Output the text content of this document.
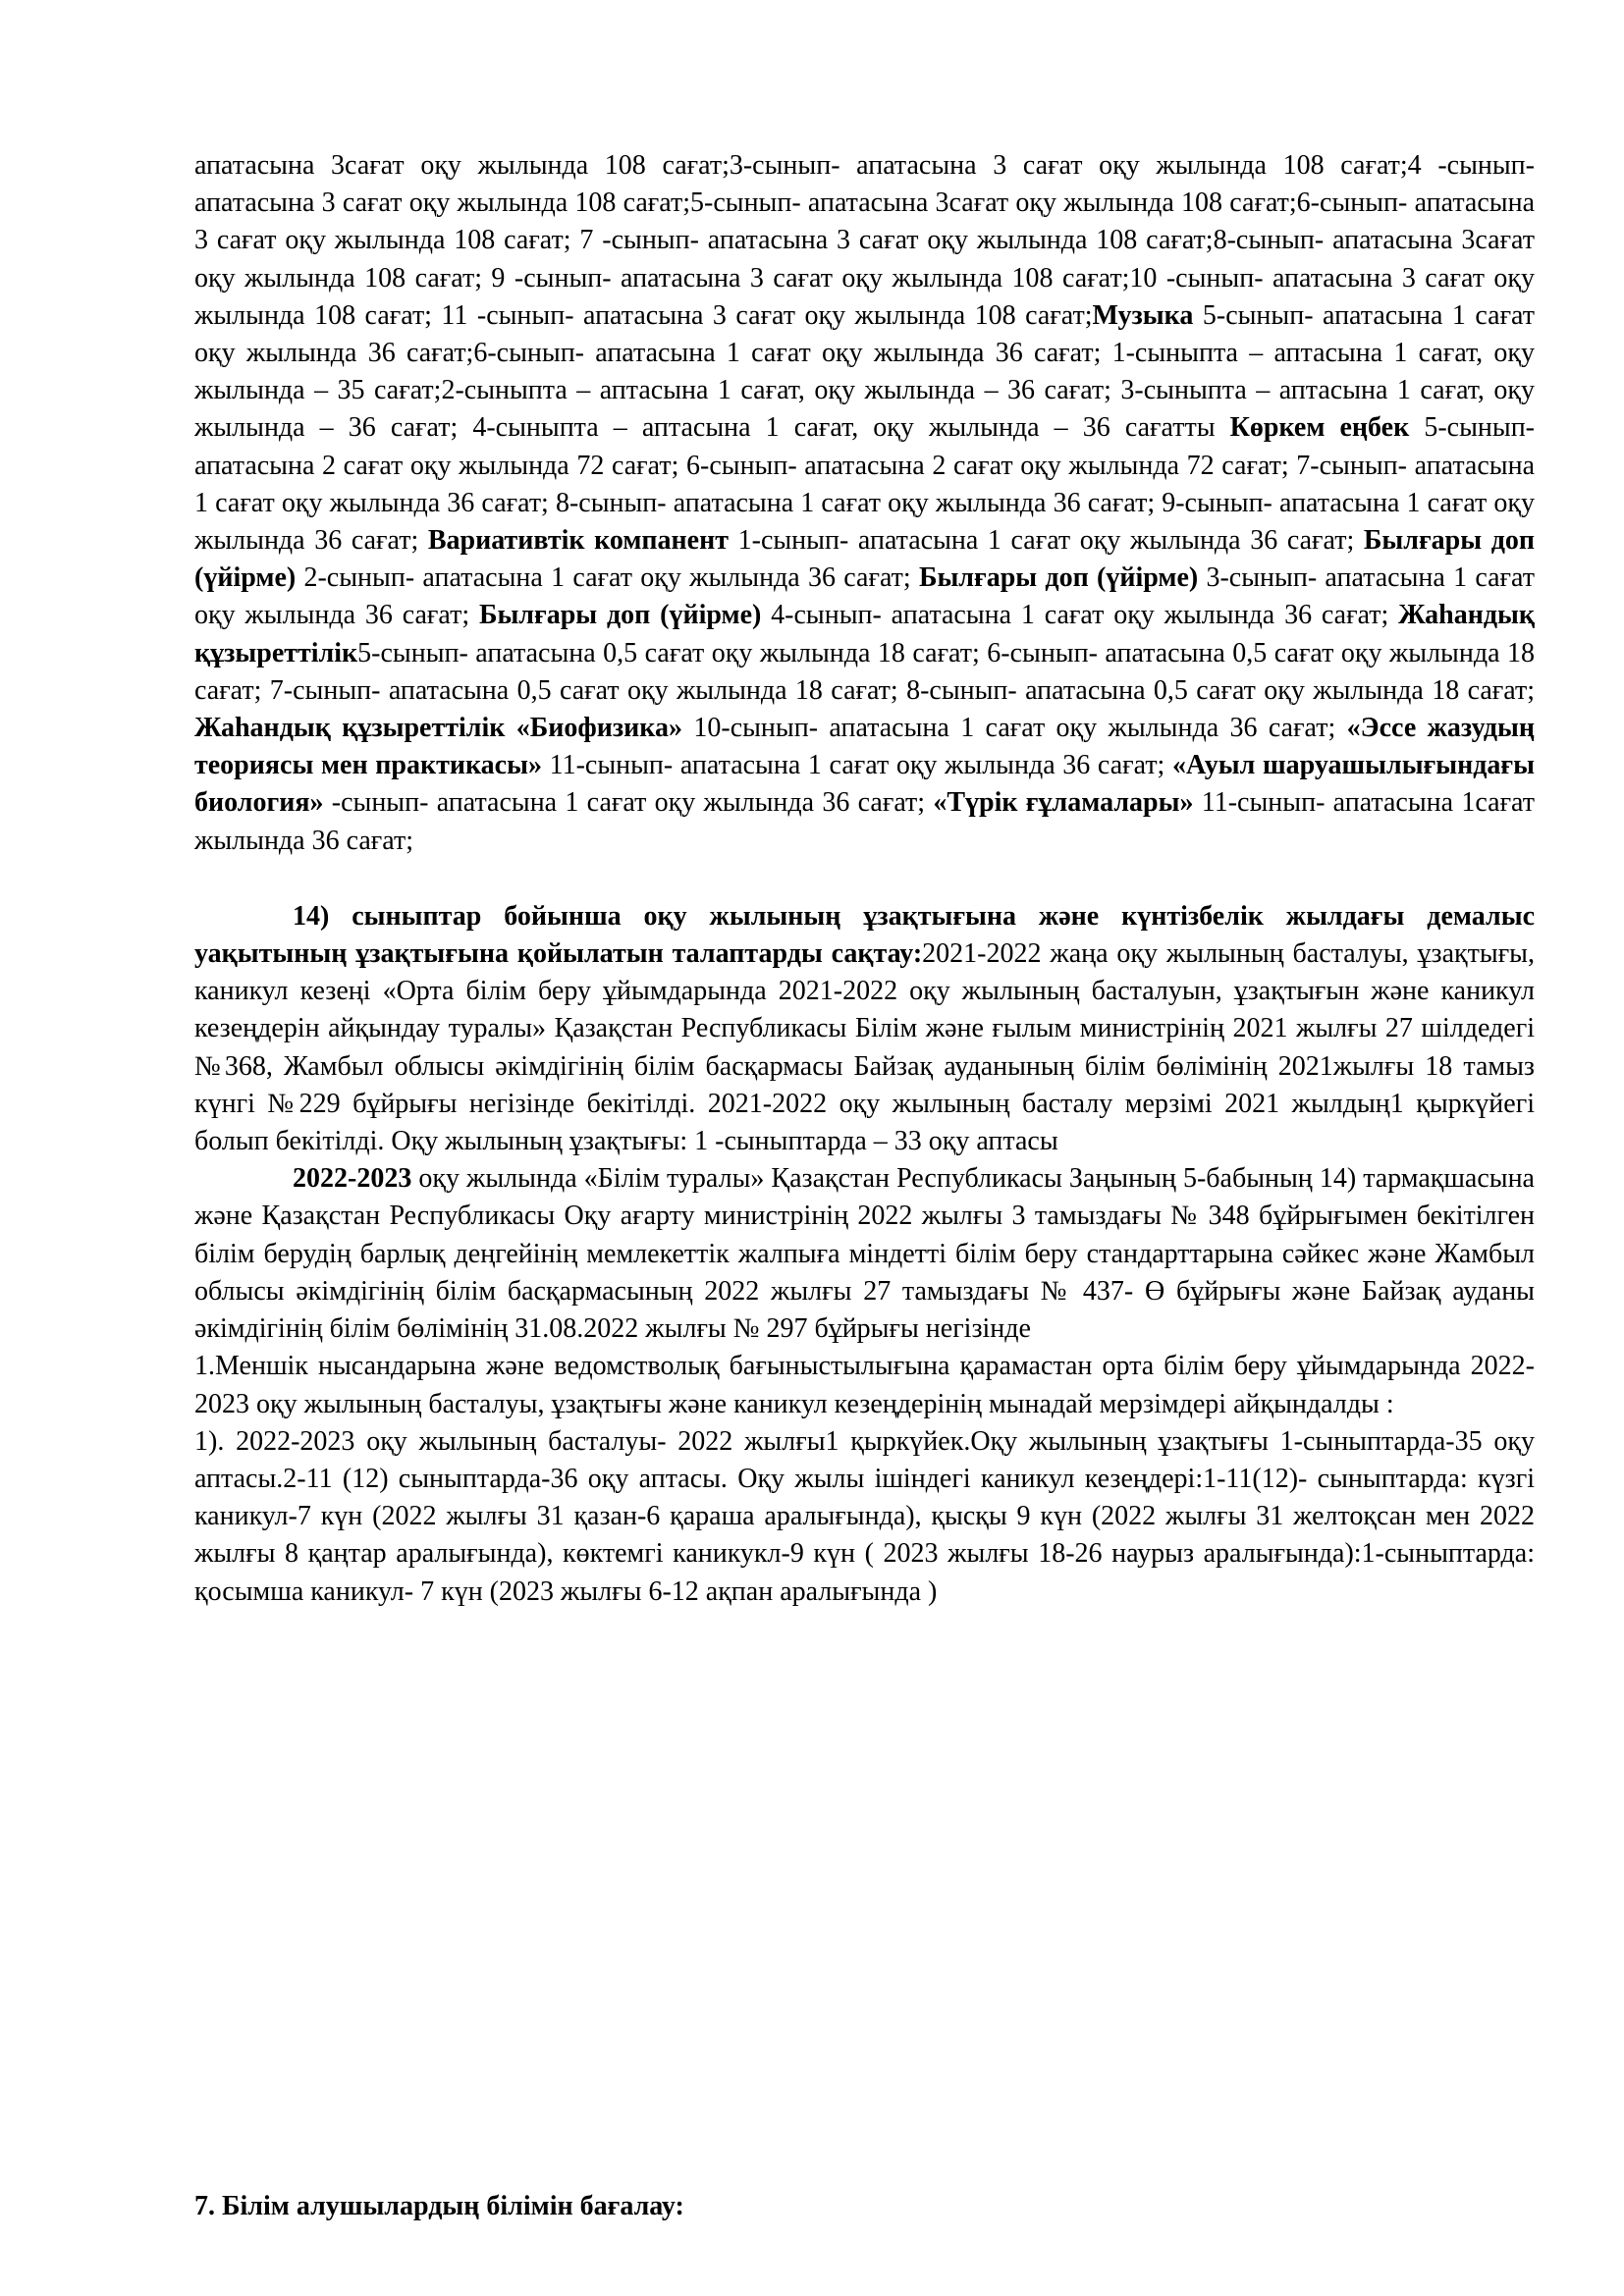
апатасына 3сағат оқу жылында 108 сағат;3-сынып- апатасына 3 сағат оқу жылында 108 сағат;4 -сынып- апатасына 3 сағат оқу жылында 108 сағат;5-сынып- апатасына 3сағат оқу жылында 108 сағат;6-сынып- апатасына 3 сағат оқу жылында 108 сағат; 7 -сынып- апатасына 3 сағат оқу жылында 108 сағат;8-сынып- апатасына 3сағат оқу жылында 108 сағат; 9 -сынып- апатасына 3 сағат оқу жылында 108 сағат;10 -сынып- апатасына 3 сағат оқу жылында 108 сағат; 11 -сынып- апатасына 3 сағат оқу жылында 108 сағат;Музыка 5-сынып- апатасына 1 сағат оқу жылында 36 сағат;6-сынып- апатасына 1 сағат оқу жылында 36 сағат; 1-сыныпта – аптасына 1 сағат, оқу жылында – 35 сағат;2-сыныпта – аптасына 1 сағат, оқу жылында – 36 сағат; 3-сыныпта – аптасына 1 сағат, оқу жылында – 36 сағат; 4-сыныпта – аптасына 1 сағат, оқу жылында – 36 сағатты Көркем еңбек 5-сынып- апатасына 2 сағат оқу жылында 72 сағат; 6-сынып- апатасына 2 сағат оқу жылында 72 сағат; 7-сынып- апатасына 1 сағат оқу жылында 36 сағат; 8-сынып- апатасына 1 сағат оқу жылында 36 сағат; 9-сынып- апатасына 1 сағат оқу жылында 36 сағат; Вариативтік компанент 1-сынып- апатасына 1 сағат оқу жылында 36 сағат; Былғары доп (үйірме) 2-сынып- апатасына 1 сағат оқу жылында 36 сағат; Былғары доп (үйірме) 3-сынып- апатасына 1 сағат оқу жылында 36 сағат; Былғары доп (үйірме) 4-сынып- апатасына 1 сағат оқу жылында 36 сағат; Жаһандық құзыреттілік5-сынып- апатасына 0,5 сағат оқу жылында 18 сағат; 6-сынып- апатасына 0,5 сағат оқу жылында 18 сағат; 7-сынып- апатасына 0,5 сағат оқу жылында 18 сағат; 8-сынып- апатасына 0,5 сағат оқу жылында 18 сағат; Жаһандық құзыреттілік «Биофизика» 10-сынып- апатасына 1 сағат оқу жылында 36 сағат; «Эссе жазудың теориясы мен практикасы» 11-сынып- апатасына 1 сағат оқу жылында 36 сағат; «Ауыл шаруашылығындағы биология» -сынып- апатасына 1 сағат оқу жылында 36 сағат; «Түрік ғұламалары» 11-сынып- апатасына 1сағат жылында 36 сағат;

14) сыныптар бойынша оқу жылының ұзақтығына және күнтізбелік жылдағы демалыс уақытының ұзақтығына қойылатын талаптарды сақтау:2021-2022 жаңа оқу жылының басталуы, ұзақтығы, каникул кезеңі «Орта білім беру ұйымдарында 2021-2022 оқу жылының басталуын, ұзақтығын және каникул кезеңдерін айқындау туралы» Қазақстан Республикасы Білім және ғылым министрінің 2021 жылғы 27 шілдедегі №368, Жамбыл облысы әкімдігінің білім басқармасы Байзақ ауданының білім бөлімінің 2021жылғы 18 тамыз күнгі №229 бұйрығы негізінде бекітілді. 2021-2022 оқу жылының басталу мерзімі 2021 жылдың1 қыркүйегі болып бекітілді. Оқу жылының ұзақтығы: 1 -сыныптарда – 33 оқу аптасы

2022-2023 оқу жылында «Білім туралы» Қазақстан Республикасы Заңының 5-бабының 14) тармақшасына және Қазақстан Республикасы Оқу ағарту министрінің 2022 жылғы 3 тамыздағы № 348 бұйрығымен бекітілген білім берудің барлық деңгейінің мемлекеттік жалпыға міндетті білім беру стандарттарына сәйкес және Жамбыл облысы әкімдігінің білім басқармасының 2022 жылғы 27 тамыздағы № 437- Ө бұйрығы және Байзақ ауданы әкімдігінің білім бөлімінің 31.08.2022 жылғы № 297 бұйрығы негізінде

1.Меншік нысандарына және ведомстволық бағыныстылығына қарамастан орта білім беру ұйымдарында 2022-2023 оқу жылының басталуы, ұзақтығы және каникул кезеңдерінің мынадай мерзімдері айқындалды :

1). 2022-2023 оқу жылының басталуы- 2022 жылғы1 қыркүйек.Оқу жылының ұзақтығы 1-сыныптарда-35 оқу аптасы.2-11 (12) сыныптарда-36 оқу аптасы. Оқу жылы ішіндегі каникул кезеңдері:1-11(12)- сыныптарда: күзгі каникул-7 күн (2022 жылғы 31 қазан-6 қараша аралығында), қысқы 9 күн (2022 жылғы 31 желтоқсан мен 2022 жылғы 8 қаңтар аралығында), көктемгі каникукл-9 күн ( 2023 жылғы 18-26 наурыз аралығында):1-сыныптарда: қосымша каникул- 7 күн (2023 жылғы 6-12 ақпан аралығында )

7. Білім алушылардың білімін бағалау:
